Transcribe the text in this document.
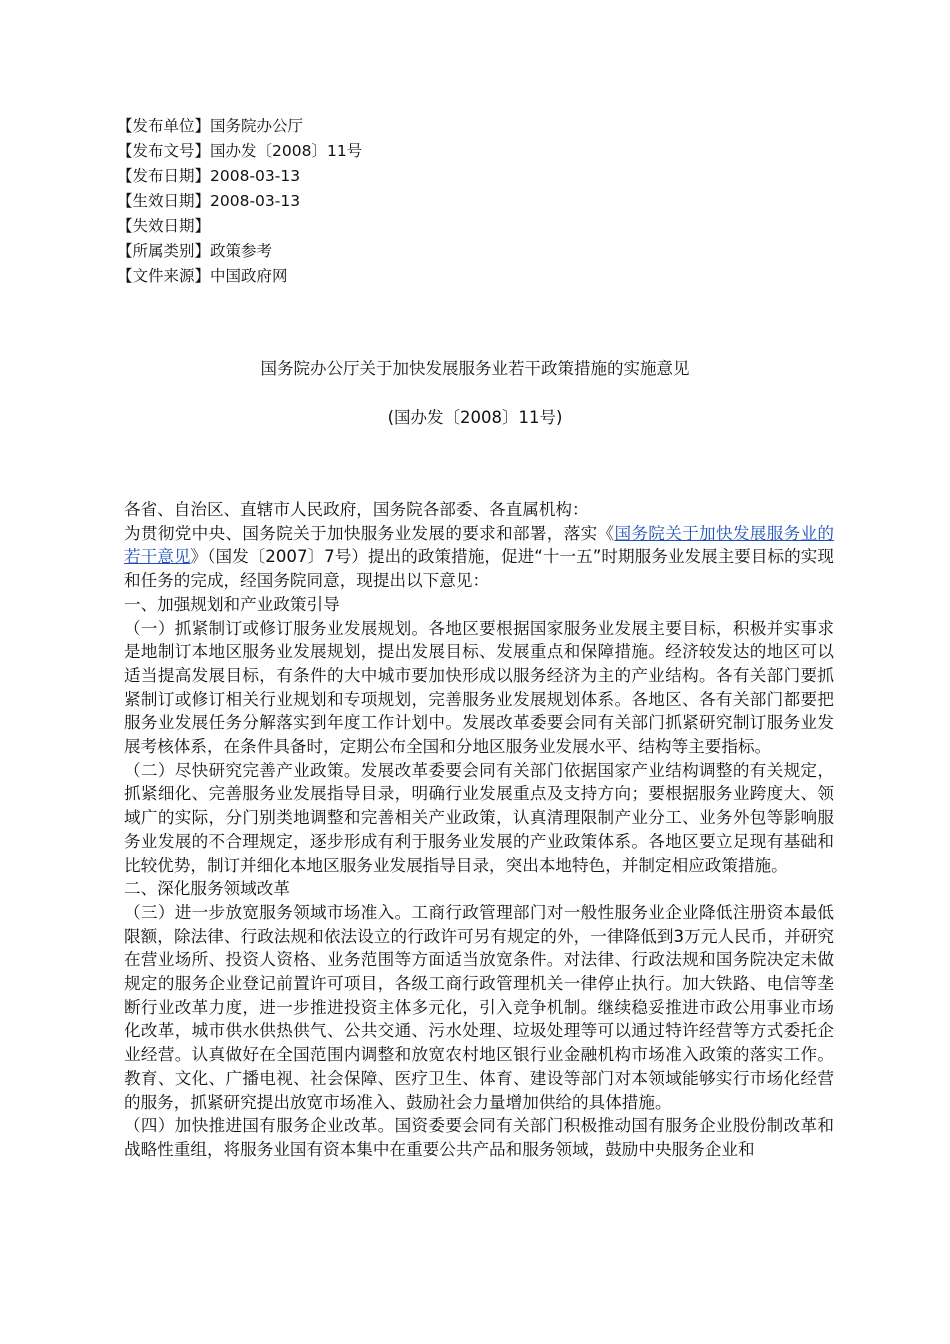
【发布单位】国务院办公厅
【发布文号】国办发〔2008〕11号
【发布日期】2008-03-13
【生效日期】2008-03-13
【失效日期】
【所属类别】政策参考
【文件来源】中国政府网
国务院办公厅关于加快发展服务业若干政策措施的实施意见
(国办发〔2008〕11号)

各省、自治区、直辖市人民政府，国务院各部委、各直属机构：

为贯彻党中央、国务院关于加快服务业发展的要求和部署，落实《国务院关于加快发展服务业的若干意见》（国发〔2007〕7号）提出的政策措施，促进“十一五”时期服务业发展主要目标的实现和任务的完成，经国务院同意，现提出以下意见：

一、加强规划和产业政策引导

（一）抓紧制订或修订服务业发展规划。各地区要根据国家服务业发展主要目标，积极并实事求是地制订本地区服务业发展规划，提出发展目标、发展重点和保障措施。经济较发达的地区可以适当提高发展目标，有条件的大中城市要加快形成以服务经济为主的产业结构。各有关部门要抓紧制订或修订相关行业规划和专项规划，完善服务业发展规划体系。各地区、各有关部门都要把服务业发展任务分解落实到年度工作计划中。发展改革委要会同有关部门抓紧研究制订服务业发展考核体系，在条件具备时，定期公布全国和分地区服务业发展水平、结构等主要指标。

（二）尽快研究完善产业政策。发展改革委要会同有关部门依据国家产业结构调整的有关规定，抓紧细化、完善服务业发展指导目录，明确行业发展重点及支持方向；要根据服务业跨度大、领域广的实际，分门别类地调整和完善相关产业政策，认真清理限制产业分工、业务外包等影响服务业发展的不合理规定，逐步形成有利于服务业发展的产业政策体系。各地区要立足现有基础和比较优势，制订并细化本地区服务业发展指导目录，突出本地特色，并制定相应政策措施。

二、深化服务领域改革

（三）进一步放宽服务领域市场准入。工商行政管理部门对一般性服务业企业降低注册资本最低限额，除法律、行政法规和依法设立的行政许可另有规定的外，一律降低到3万元人民币，并研究在营业场所、投资人资格、业务范围等方面适当放宽条件。对法律、行政法规和国务院决定未做规定的服务企业登记前置许可项目，各级工商行政管理机关一律停止执行。加大铁路、电信等垄断行业改革力度，进一步推进投资主体多元化，引入竞争机制。继续稳妥推进市政公用事业市场化改革，城市供水供热供气、公共交通、污水处理、垃圾处理等可以通过特许经营等方式委托企业经营。认真做好在全国范围内调整和放宽农村地区银行业金融机构市场准入政策的落实工作。教育、文化、广播电视、社会保障、医疗卫生、体育、建设等部门对本领域能够实行市场化经营的服务，抓紧研究提出放宽市场准入、鼓励社会力量增加供给的具体措施。

（四）加快推进国有服务企业改革。国资委要会同有关部门积极推动国有服务企业股份制改革和战略性重组，将服务业国有资本集中在重要公共产品和服务领域，鼓励中央服务企业和
